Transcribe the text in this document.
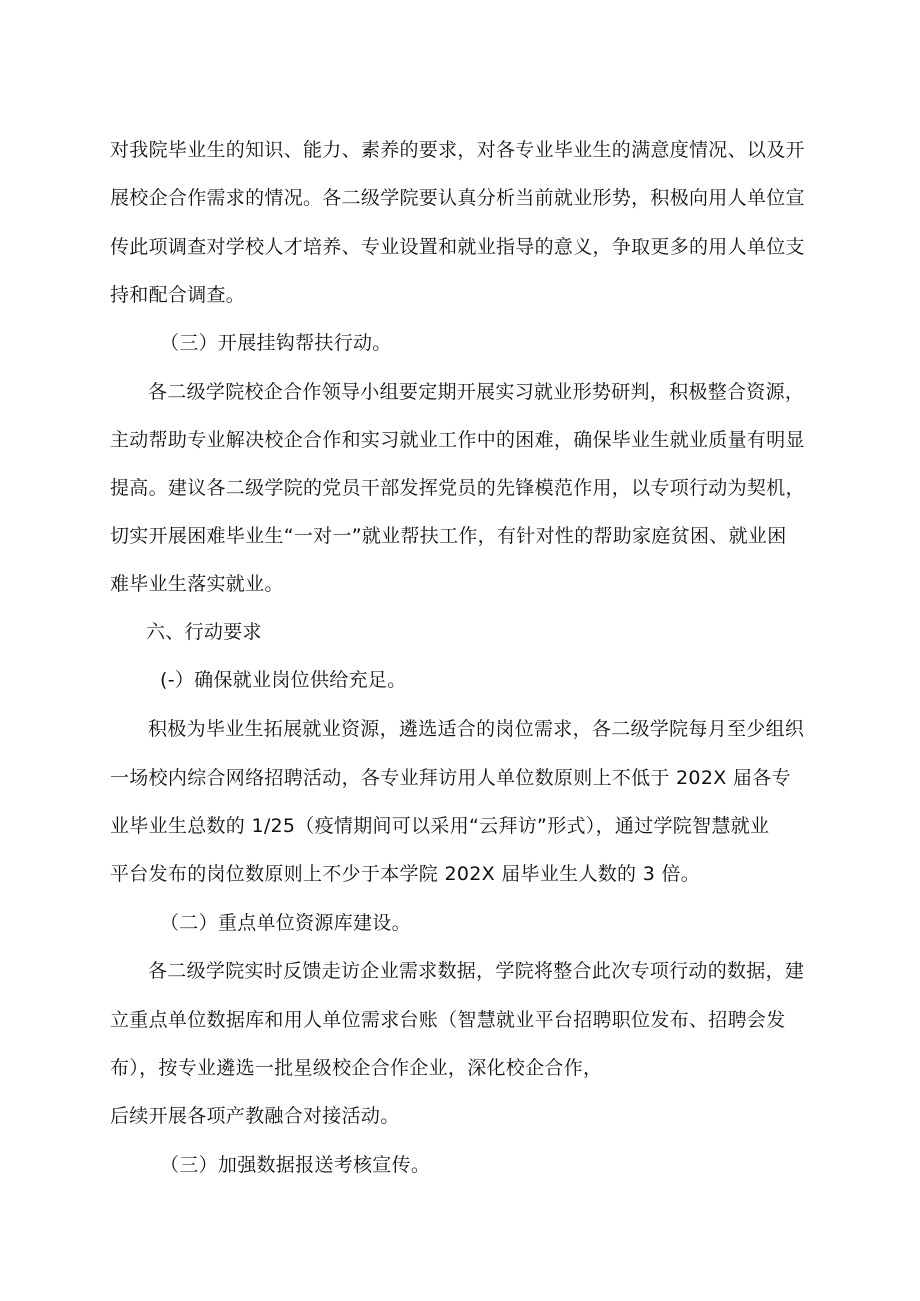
对我院毕业生的知识、能力、素养的要求，对各专业毕业生的满意度情况、以及开
展校企合作需求的情况。各二级学院要认真分析当前就业形势，积极向用人单位宣
传此项调查对学校人才培养、专业设置和就业指导的意义，争取更多的用人单位支
持和配合调查。
（三）开展挂钩帮扶行动。
各二级学院校企合作领导小组要定期开展实习就业形势研判，积极整合资源，
主动帮助专业解决校企合作和实习就业工作中的困难，确保毕业生就业质量有明显
提高。建议各二级学院的党员干部发挥党员的先锋模范作用，以专项行动为契机，
切实开展困难毕业生“一对一”就业帮扶工作，有针对性的帮助家庭贫困、就业困
难毕业生落实就业。
六、行动要求
(-）确保就业岗位供给充足。
积极为毕业生拓展就业资源，遴选适合的岗位需求，各二级学院每月至少组织
一场校内综合网络招聘活动，各专业拜访用人单位数原则上不低于 202X 届各专
业毕业生总数的 1/25（疫情期间可以采用“云拜访”形式），通过学院智慧就业
平台发布的岗位数原则上不少于本学院 202X 届毕业生人数的 3 倍。
（二）重点单位资源库建设。
各二级学院实时反馈走访企业需求数据，学院将整合此次专项行动的数据，建
立重点单位数据库和用人单位需求台账（智慧就业平台招聘职位发布、招聘会发
布），按专业遴选一批星级校企合作企业，深化校企合作，
后续开展各项产教融合对接活动。
（三）加强数据报送考核宣传。
